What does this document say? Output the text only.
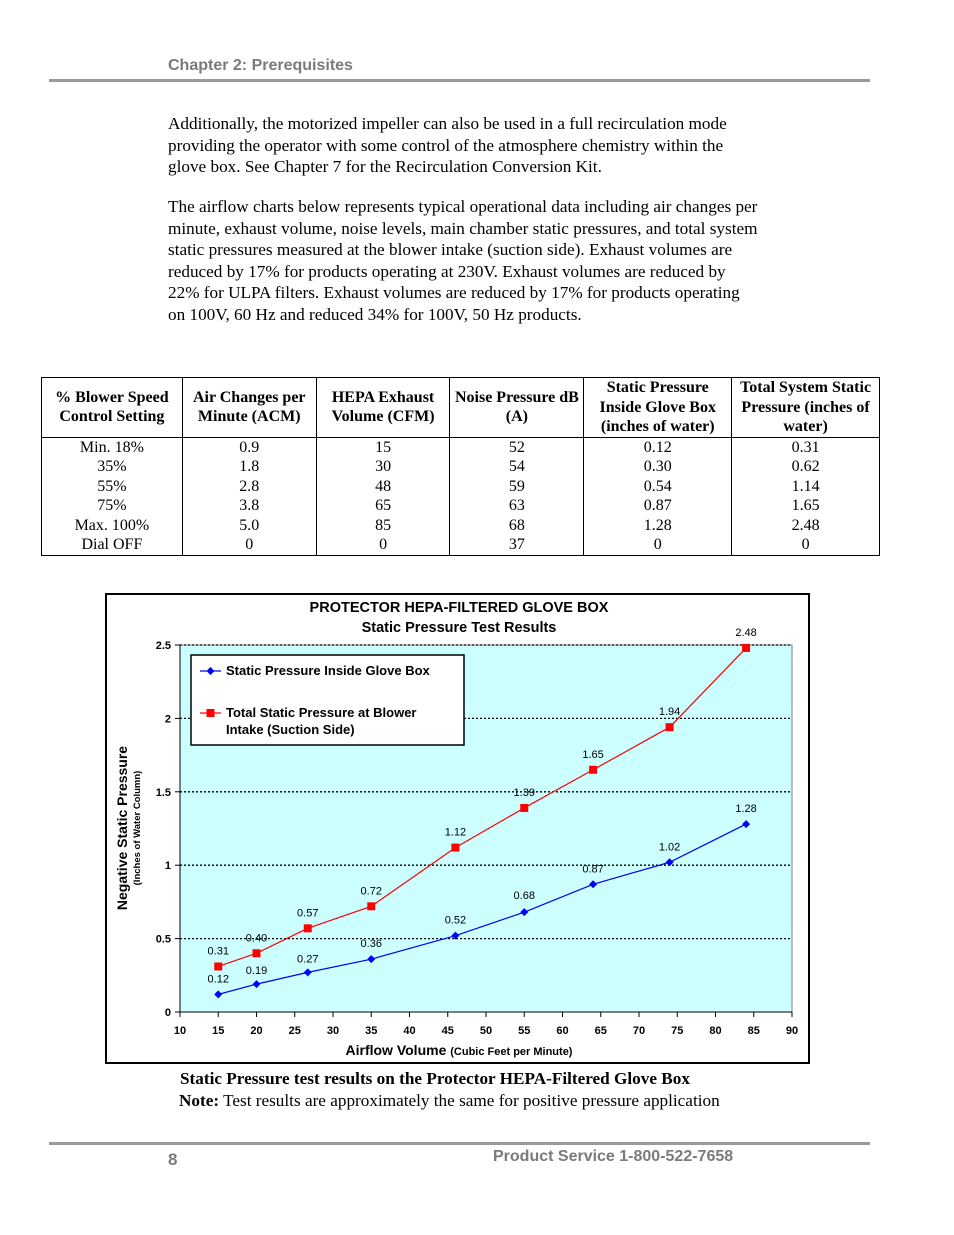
Chapter 2: Prerequisites

Additionally, the motorized impeller can also be used in a full recirculation mode providing the operator with some control of the atmosphere chemistry within the glove box. See Chapter 7 for the Recirculation Conversion Kit.

The airflow charts below represents typical operational data including air changes per minute, exhaust volume, noise levels, main chamber static pressures, and total system static pressures measured at the blower intake (suction side). Exhaust volumes are reduced by 17% for products operating at 230V. Exhaust volumes are reduced by 22% for ULPA filters. Exhaust volumes are reduced by 17% for products operating on 100V, 60 Hz and reduced 34% for 100V, 50 Hz products.

% Blower Speed Control Setting	Air Changes per Minute (ACM)	HEPA Exhaust Volume (CFM)	Noise Pressure dB (A)	Static Pressure Inside Glove Box (inches of water)	Total System Static Pressure (inches of water)
Min. 18%	0.9	15	52	0.12	0.31
35%	1.8	30	54	0.30	0.62
55%	2.8	48	59	0.54	1.14
75%	3.8	65	63	0.87	1.65
Max. 100%	5.0	85	68	1.28	2.48
Dial OFF	0	0	37	0	0
PROTECTOR HEPA-FILTERED GLOVE BOX
Static Pressure Test Results
0
0.5
1
1.5
2
2.5
10 15 20 25 30 35 40 45 50 55 60 65 70 75 80 85 90
Airflow Volume (Cubic Feet per Minute)
Negative Static Pressure (Inches of Water Column)
0.12
0.19
0.27
0.36
0.52
0.68
0.87
1.02
1.28
0.31
0.40
0.57
0.72
1.12
1.39
1.65
1.94
2.48
Static Pressure Inside Glove Box
Total Static Pressure at Blower
Intake (Suction Side)
Static Pressure test results on the Protector HEPA-Filtered Glove Box
Note: Test results are approximately the same for positive pressure application
8	Product Service 1-800-522-7658
